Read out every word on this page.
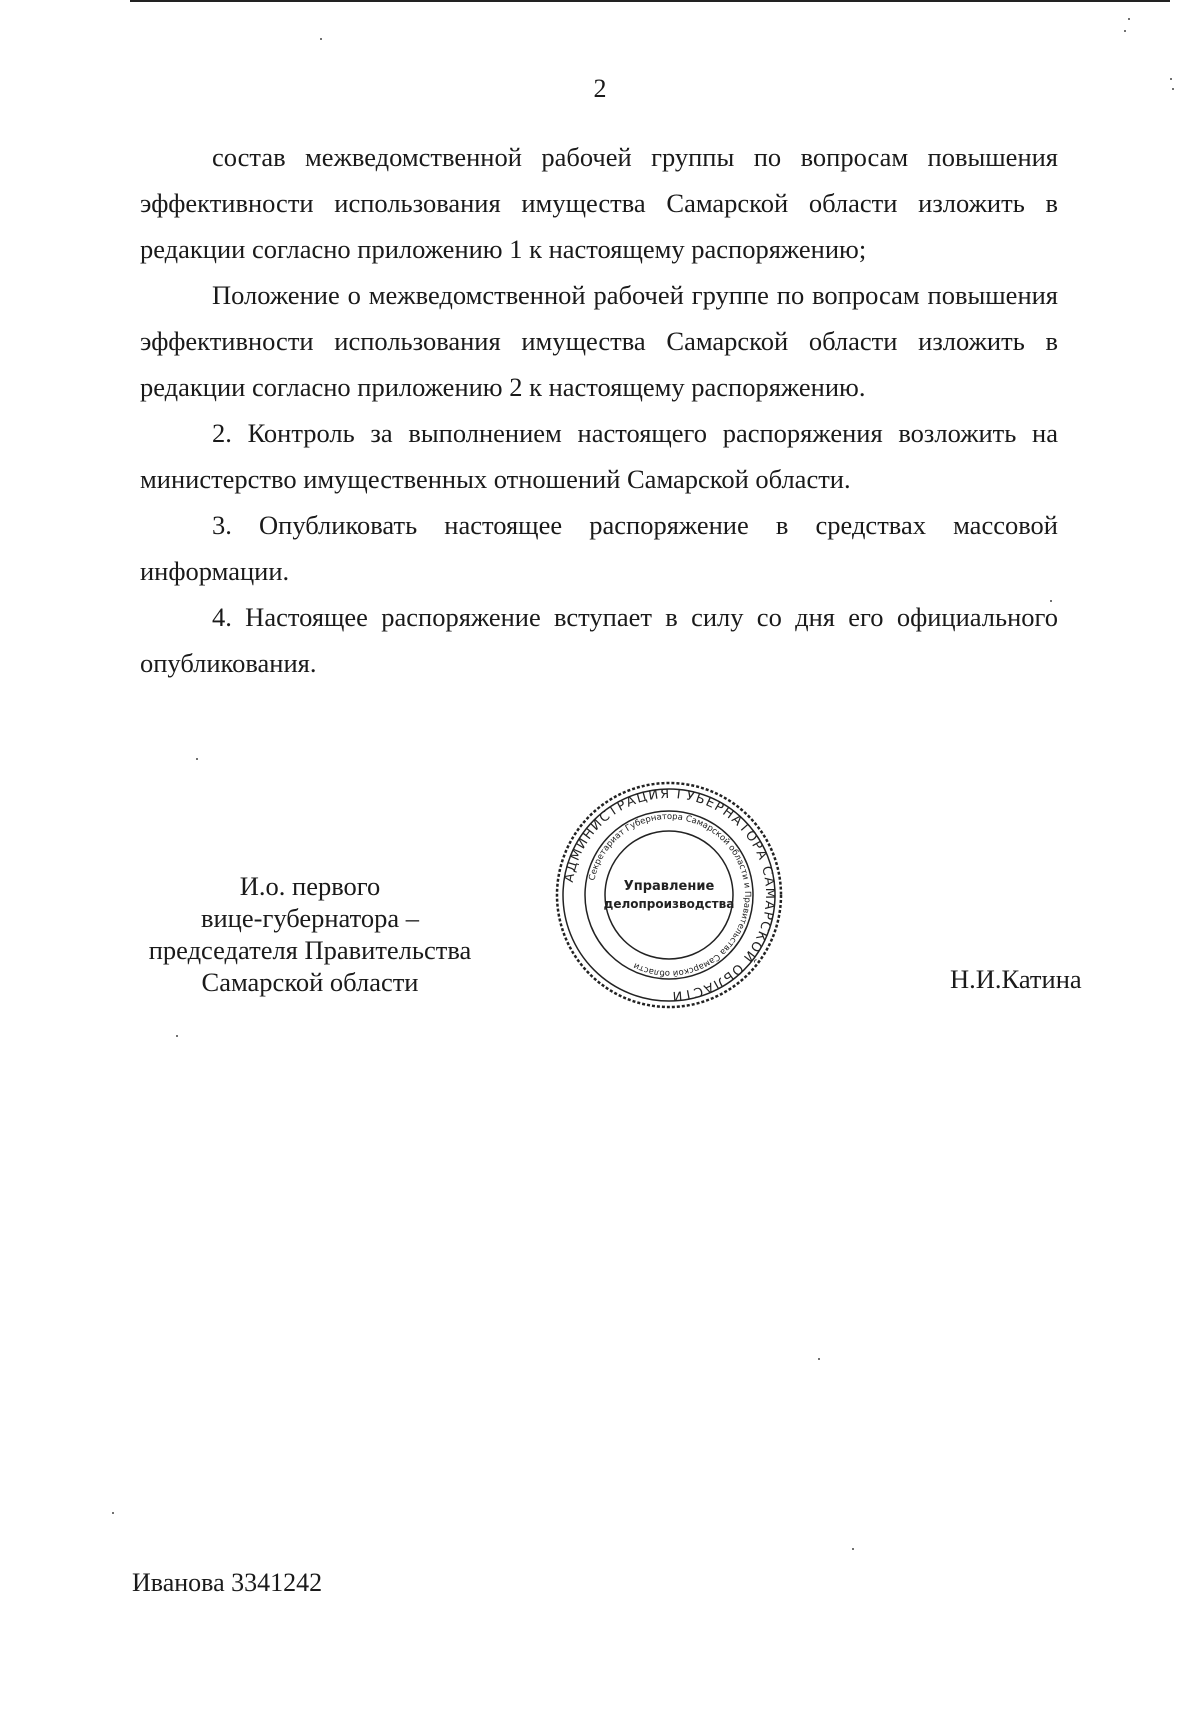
2

состав межведомственной рабочей группы по вопросам повышения эффективности использования имущества Самарской области изложить в редакции согласно приложению 1 к настоящему распоряжению;

Положение о межведомственной рабочей группе по вопросам повышения эффективности использования имущества Самарской области изложить в редакции согласно приложению 2 к настоящему распоряжению.

2. Контроль за выполнением настоящего распоряжения возложить на министерство имущественных отношений Самарской области.

3. Опубликовать настоящее распоряжение в средствах массовой информации.

4. Настоящее распоряжение вступает в силу со дня его официального опубликования.

И.о. первого
вице-губернатора –
председателя Правительства
Самарской области
АДМИНИСТРАЦИЯ ГУБЕРНАТОРА САМАРСКОЙ ОБЛАСТИ
Секретариат Губернатора Самарской области и Правительства Самарской области
Управление
делопроизводства
Н.И.Катина
Иванова 3341242
